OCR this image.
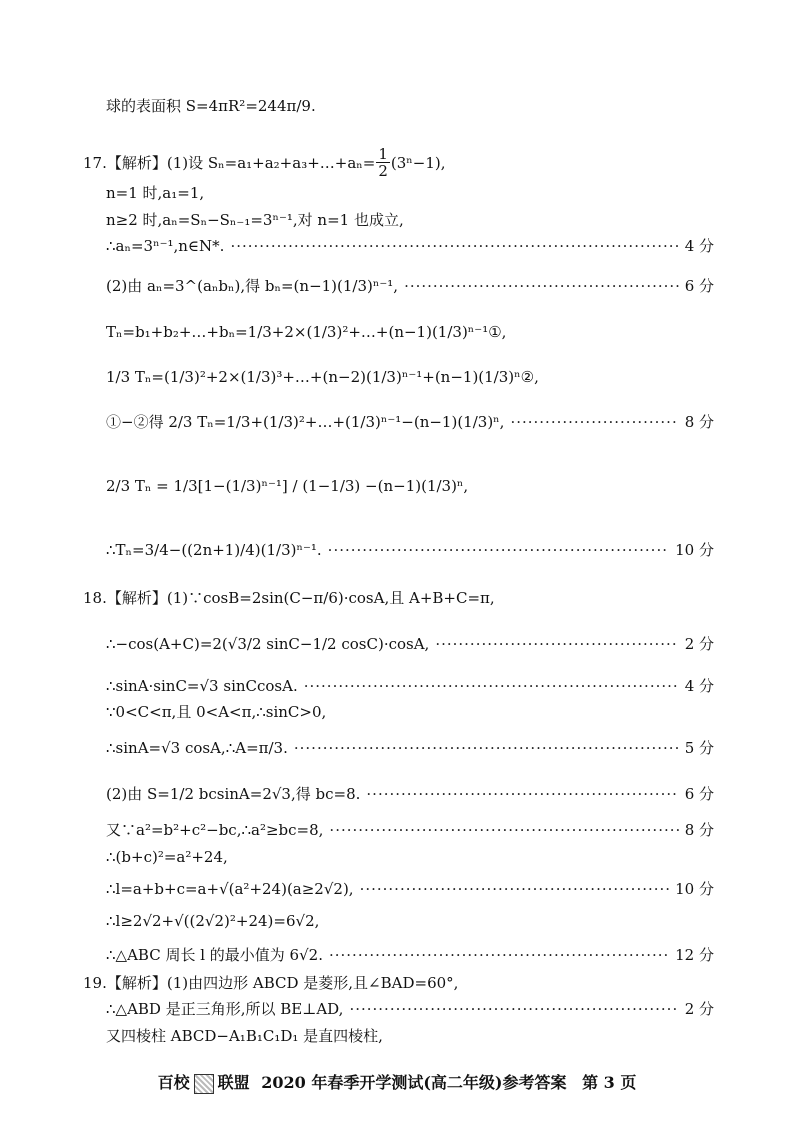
球的表面积 S=4πR²=244π/9.
17.【解析】(1)设 Sₙ=a₁+a₂+a₃+…+aₙ= $\frac{1}{2} (3^n-1)$,
n=1 时,a₁=1,
n≥2 时,aₙ=Sₙ−Sₙ₋₁=3ⁿ⁻¹,对 n=1 也成立,
∴aₙ=3ⁿ⁻¹,n∈N*. ·····	4 分
(2)由 aₙ=3^(aₙbₙ),得 bₙ=(n−1)(1/3)ⁿ⁻¹, ·····	6 分
Tₙ=b₁+b₂+…+bₙ=1/3+2×(1/3)²+…+(n−1)(1/3)ⁿ⁻¹①,
1/3 Tₙ=(1/3)²+2×(1/3)³+…+(n−2)(1/3)ⁿ⁻¹+(n−1)(1/3)ⁿ②,
①−②得 2/3 Tₙ=1/3+(1/3)²+…+(1/3)ⁿ⁻¹−(n−1)(1/3)ⁿ, ·····	8 分
2/3 Tₙ = 1/3[1−(1/3)ⁿ⁻¹] / (1−1/3) −(n−1)(1/3)ⁿ,
∴Tₙ=3/4−((2n+1)/4)(1/3)ⁿ⁻¹. ·····	10 分
18.【解析】(1)∵cosB=2sin(C−π/6)·cosA,且 A+B+C=π,
∴−cos(A+C)=2(√3/2 sinC−1/2 cosC)·cosA, ·····	2 分
∴sinA·sinC=√3 sinCcosA. ·····	4 分
∵0<C<π,且 0<A<π,∴sinC>0,
∴sinA=√3 cosA,∴A=π/3. ·····	5 分
(2)由 S=1/2 bcsinA=2√3,得 bc=8. ·····	6 分
又∵a²=b²+c²−bc,∴a²≥bc=8, ·····	8 分
∴(b+c)²=a²+24,
∴l=a+b+c=a+√(a²+24)(a≥2√2), ·····	10 分
∴l≥2√2+√((2√2)²+24)=6√2,
∴△ABC 周长 l 的最小值为 6√2. ·····	12 分
19.【解析】(1)由四边形 ABCD 是菱形,且∠BAD=60°,
∴△ABD 是正三角形,所以 BE⊥AD, ·····	2 分
又四棱柱 ABCD−A₁B₁C₁D₁ 是直四棱柱,
百校 联盟 2020 年春季开学测试(高二年级)参考答案 第 3 页
